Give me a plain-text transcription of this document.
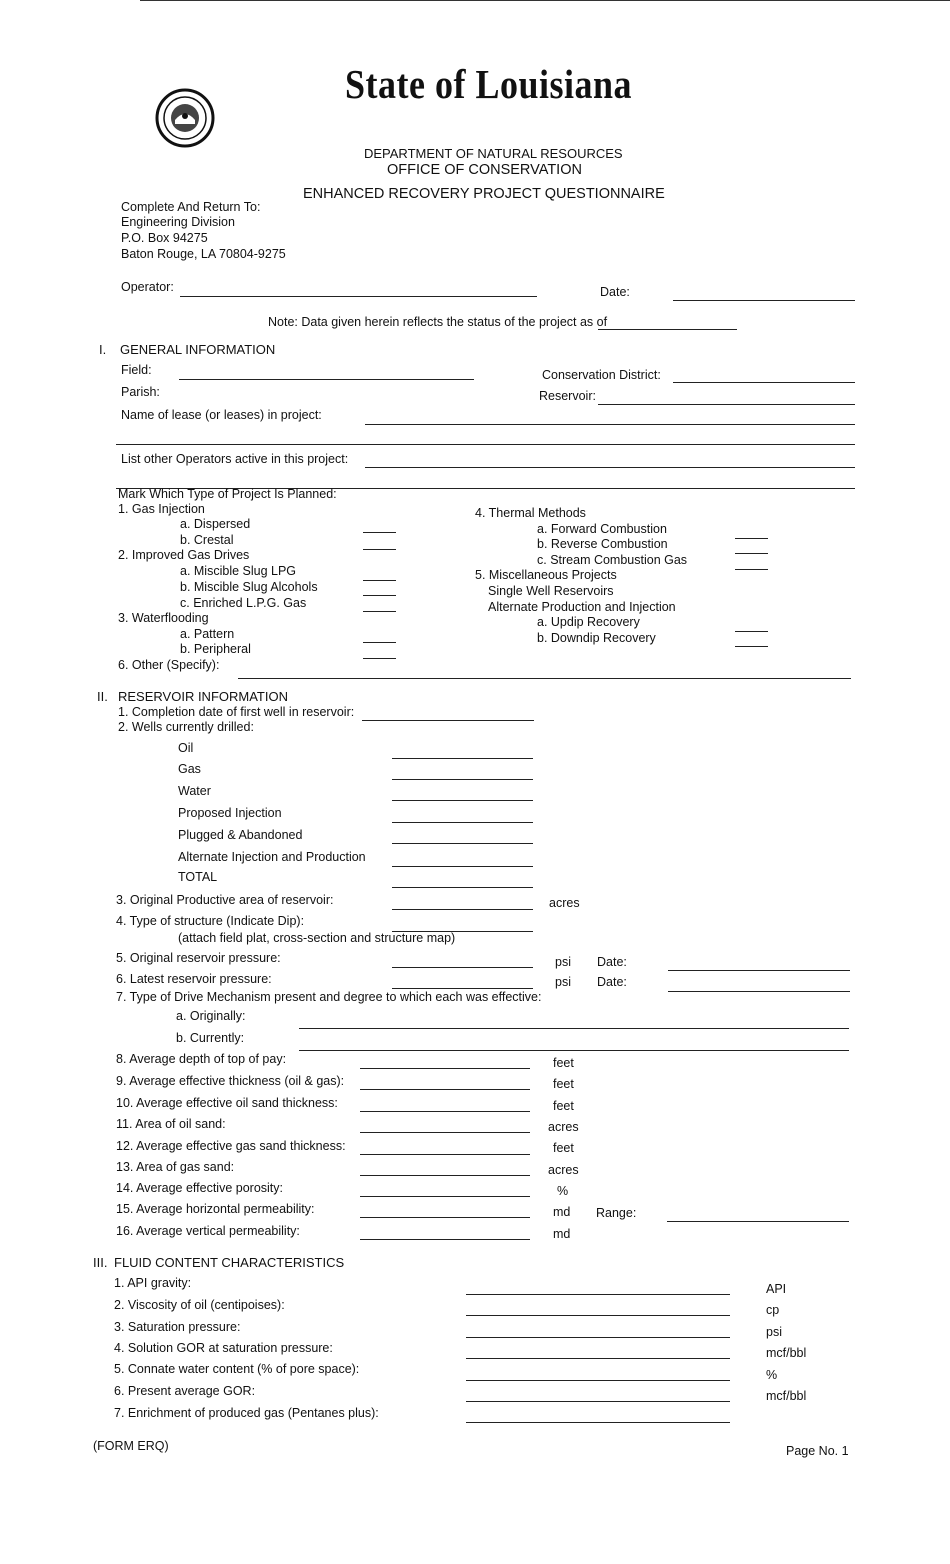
State of Louisiana
DEPARTMENT OF NATURAL RESOURCES
OFFICE OF CONSERVATION
ENHANCED RECOVERY PROJECT QUESTIONNAIRE
Complete And Return To:
Engineering Division
P.O. Box 94275
Baton Rouge, LA 70804-9275
Operator:	Date:
Note: Data given herein reflects the status of the project as of
I. GENERAL INFORMATION
Field:	Conservation District:
Parish:	Reservoir:
Name of lease (or leases) in project:
List other Operators active in this project:
Mark Which Type of Project Is Planned:
1. Gas Injection
a. Dispersed
b. Crestal
2. Improved Gas Drives
a. Miscible Slug LPG
b. Miscible Slug Alcohols
c. Enriched L.P.G. Gas
3. Waterflooding
a. Pattern
b. Peripheral
6. Other (Specify):
4. Thermal Methods
a. Forward Combustion
b. Reverse Combustion
c. Stream Combustion Gas
5. Miscellaneous Projects
Single Well Reservoirs
Alternate Production and Injection
a. Updip Recovery
b. Downdip Recovery
II. RESERVOIR INFORMATION
1. Completion date of first well in reservoir:
2. Wells currently drilled:
Oil
Gas
Water
Proposed Injection
Plugged & Abandoned
Alternate Injection and Production
TOTAL
3. Original Productive area of reservoir:	acres
4. Type of structure (Indicate Dip):
(attach field plat, cross-section and structure map)
5. Original reservoir pressure:	psi Date:
6. Latest reservoir pressure:	psi Date:
7. Type of Drive Mechanism present and degree to which each was effective:
a. Originally:
b. Currently:
8. Average depth of top of pay:	feet
9. Average effective thickness (oil & gas):	feet
10. Average effective oil sand thickness:	feet
11. Area of oil sand:	acres
12. Average effective gas sand thickness:	feet
13. Area of gas sand:	acres
14. Average effective porosity:	%
15. Average horizontal permeability:	md Range:
16. Average vertical permeability:	md
III. FLUID CONTENT CHARACTERISTICS
1. API gravity:	API
2. Viscosity of oil (centipoises):	cp
3. Saturation pressure:	psi
4. Solution GOR at saturation pressure:	mcf/bbl
5. Connate water content (% of pore space):	%
6. Present average GOR:	mcf/bbl
7. Enrichment of produced gas (Pentanes plus):
(FORM ERQ)	Page No. 1
